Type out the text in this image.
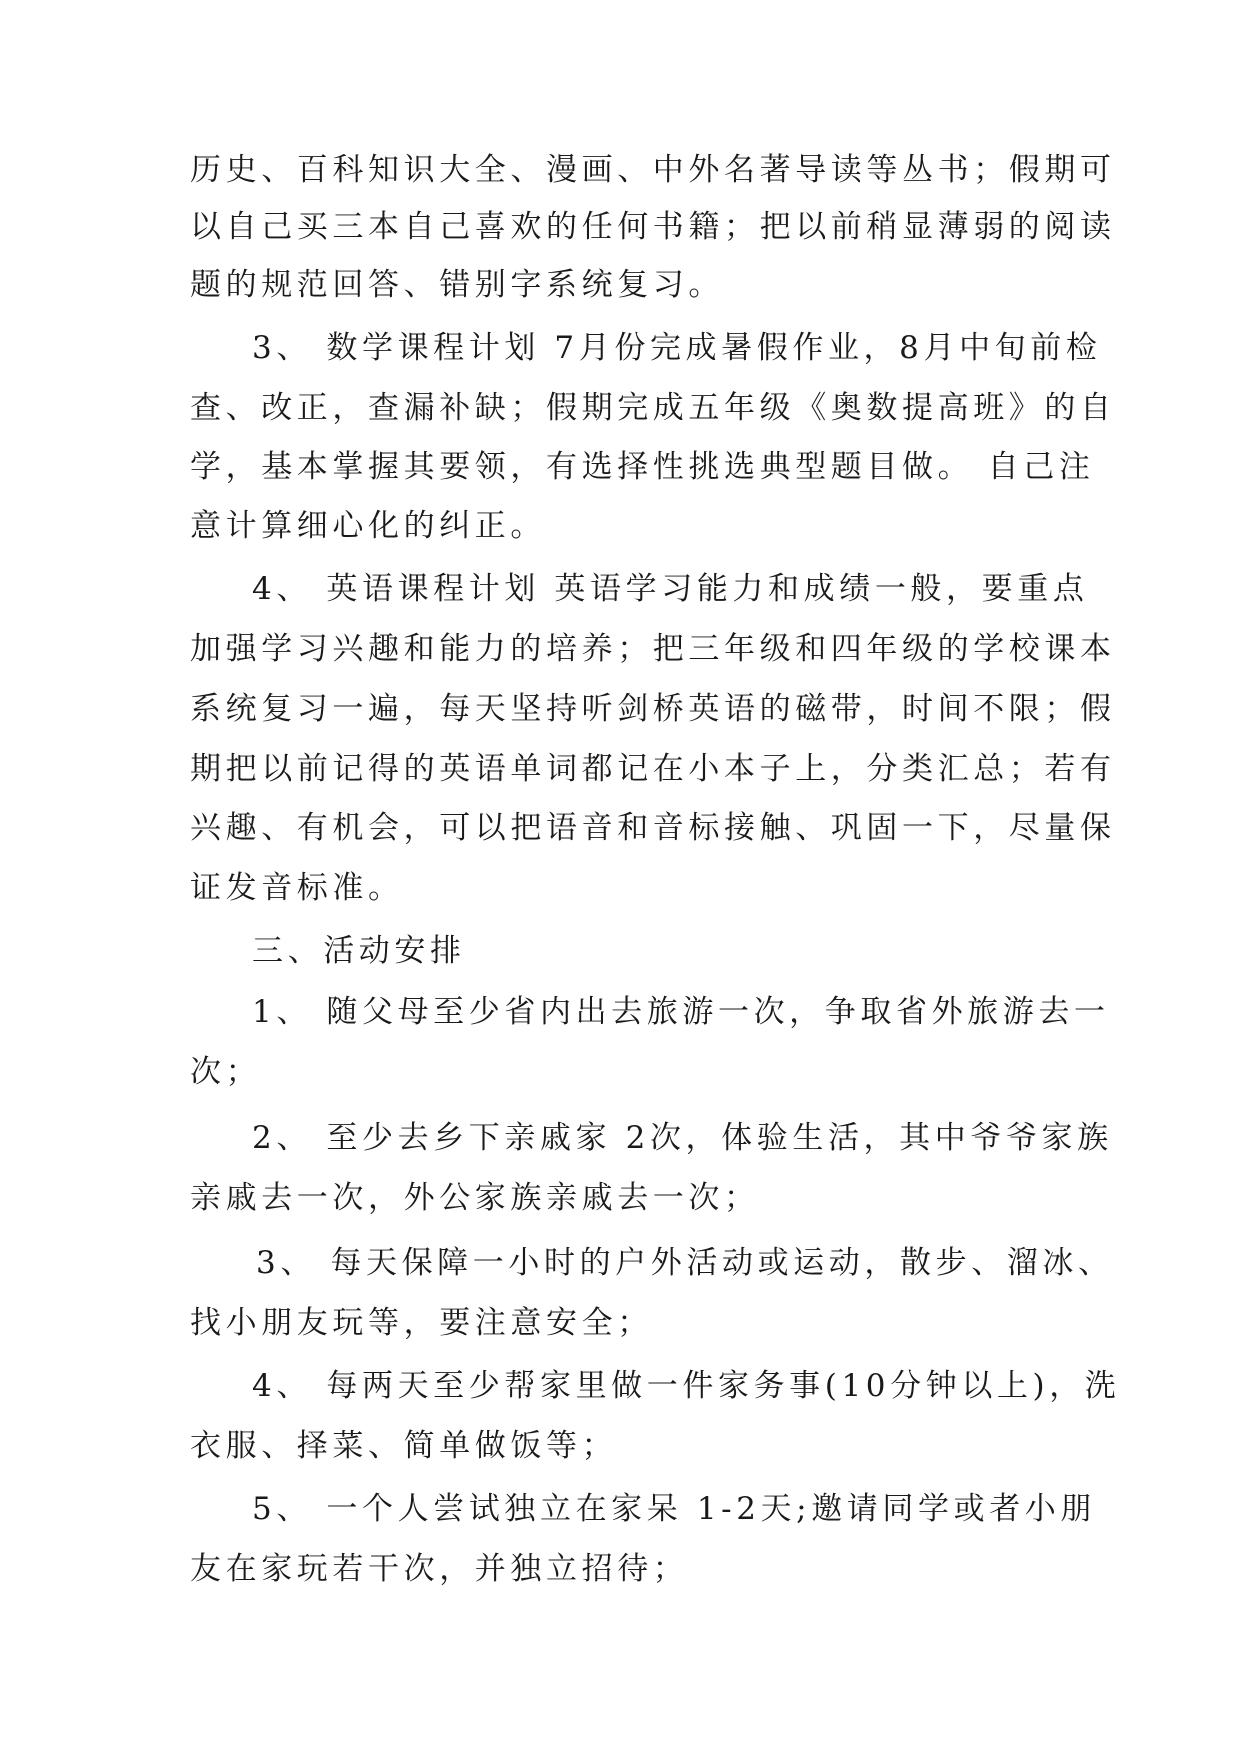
历史、百科知识大全、漫画、中外名著导读等丛书；假期可
以自己买三本自己喜欢的任何书籍；把以前稍显薄弱的阅读
题的规范回答、错别字系统复习。
3、 数学课程计划 7月份完成暑假作业，8月中旬前检
查、改正，查漏补缺；假期完成五年级《奥数提高班》的自
学，基本掌握其要领，有选择性挑选典型题目做。 自己注
意计算细心化的纠正。
4、 英语课程计划 英语学习能力和成绩一般，要重点
加强学习兴趣和能力的培养；把三年级和四年级的学校课本
系统复习一遍，每天坚持听剑桥英语的磁带，时间不限；假
期把以前记得的英语单词都记在小本子上，分类汇总；若有
兴趣、有机会，可以把语音和音标接触、巩固一下，尽量保
证发音标准。
三、活动安排
1、 随父母至少省内出去旅游一次，争取省外旅游去一
次；
2、 至少去乡下亲戚家 2次，体验生活，其中爷爷家族
亲戚去一次，外公家族亲戚去一次；
3、 每天保障一小时的户外活动或运动，散步、溜冰、
找小朋友玩等，要注意安全；
4、 每两天至少帮家里做一件家务事(10分钟以上)，洗
衣服、择菜、简单做饭等；
5、 一个人尝试独立在家呆 1-2天;邀请同学或者小朋
友在家玩若干次，并独立招待；
